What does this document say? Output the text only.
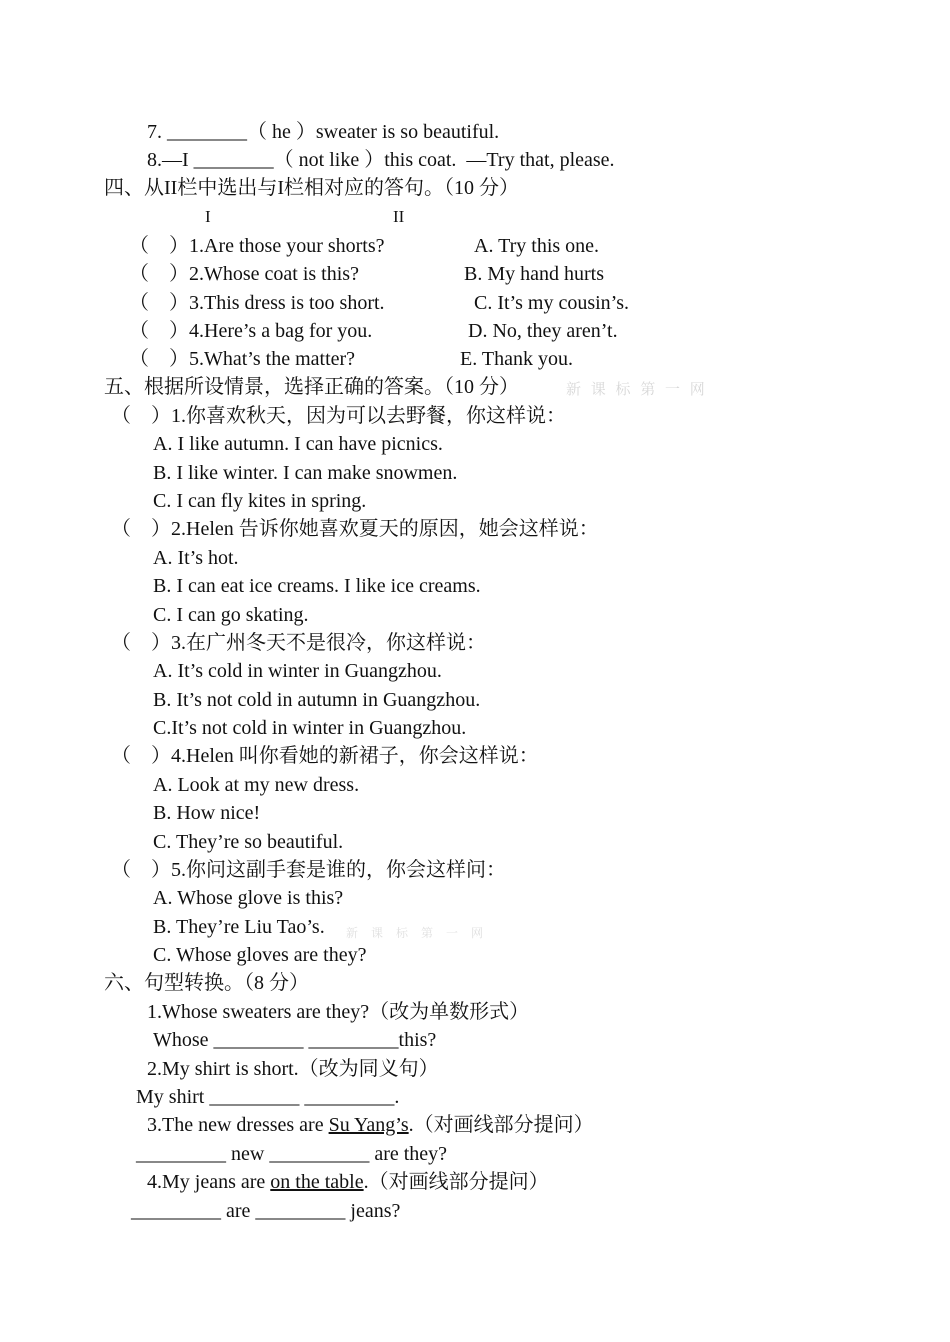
7. ________（ he ）sweater is so beautiful.
8.—I ________（ not like ）this coat.  —Try that, please.
四、从II栏中选出与I栏相对应的答句。（10 分）
I	II
（    ）1.Are those your shorts?
（    ）2.Whose coat is this?
（    ）3.This dress is too short.
（    ）4.Here’s a bag for you.
（    ）5.What’s the matter?
A. Try this one.
B. My hand hurts
C. It’s my cousin’s.
D. No, they aren’t.
E. Thank you.
五、根据所设情景，选择正确的答案。（10 分）	新 课 标 第 一 网
（    ）1.你喜欢秋天，因为可以去野餐，你这样说：
A. I like autumn. I can have picnics.
B. I like winter. I can make snowmen.
C. I can fly kites in spring.
（    ）2.Helen 告诉你她喜欢夏天的原因，她会这样说：
A. It’s hot.
B. I can eat ice creams. I like ice creams.
C. I can go skating.
（    ）3.在广州冬天不是很冷，你这样说：
A. It’s cold in winter in Guangzhou.
B. It’s not cold in autumn in Guangzhou.
C.It’s not cold in winter in Guangzhou.
（    ）4.Helen 叫你看她的新裙子，你会这样说：
A. Look at my new dress.
B. How nice!
C. They’re so beautiful.
（    ）5.你问这副手套是谁的，你会这样问：
A. Whose glove is this?
B. They’re Liu Tao’s. 新 课 标 第 一 网
C. Whose gloves are they?
六、句型转换。（8 分）
1.Whose sweaters are they?（改为单数形式）
Whose _________ _________this?
2.My shirt is short.（改为同义句）
My shirt _________ _________.
3.The new dresses are Su Yang’s.（对画线部分提问）
_________ new __________ are they?
4.My jeans are on the table.（对画线部分提问）
_________ are _________ jeans?
